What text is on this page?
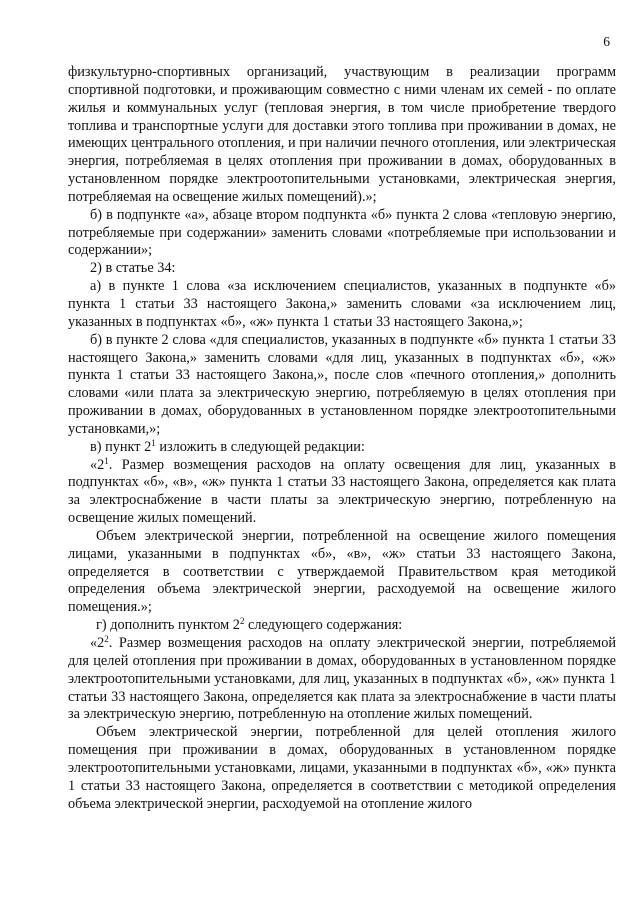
6

физкультурно-спортивных организаций, участвующим в реализации программ спортивной подготовки, и проживающим совместно с ними членам их семей - по оплате жилья и коммунальных услуг (тепловая энергия, в том числе приобретение твердого топлива и транспортные услуги для доставки этого топлива при проживании в домах, не имеющих центрального отопления, и при наличии печного отопления, или электрическая энергия, потребляемая в целях отопления при проживании в домах, оборудованных в установленном порядке электроотопительными установками, электрическая энергия, потребляемая на освещение жилых помещений).»;

б) в подпункте «а», абзаце втором подпункта «б» пункта 2 слова «тепловую энергию, потребляемые при содержании» заменить словами «потребляемые при использовании и содержании»;

2) в статье 34:

а) в пункте 1 слова «за исключением специалистов, указанных в подпункте «б» пункта 1 статьи 33 настоящего Закона,» заменить словами «за исключением лиц, указанных в подпунктах «б», «ж» пункта 1 статьи 33 настоящего Закона,»;

б) в пункте 2 слова «для специалистов, указанных в подпункте «б» пункта 1 статьи 33 настоящего Закона,» заменить словами «для лиц, указанных в подпунктах «б», «ж» пункта 1 статьи 33 настоящего Закона,», после слов «печного отопления,» дополнить словами «или плата за электрическую энергию, потребляемую в целях отопления при проживании в домах, оборудованных в установленном порядке электроотопительными установками,»;

в) пункт $2^1$ изложить в следующей редакции:

«$2^1$. Размер возмещения расходов на оплату освещения для лиц, указанных в подпунктах «б», «в», «ж» пункта 1 статьи 33 настоящего Закона, определяется как плата за электроснабжение в части платы за электрическую энергию, потребленную на освещение жилых помещений.

Объем электрической энергии, потребленной на освещение жилого помещения лицами, указанными в подпунктах «б», «в», «ж» статьи 33 настоящего Закона, определяется в соответствии с утверждаемой Правительством края методикой определения объема электрической энергии, расходуемой на освещение жилого помещения.»;

г) дополнить пунктом $2^2$ следующего содержания:

«$2^2$. Размер возмещения расходов на оплату электрической энергии, потребляемой для целей отопления при проживании в домах, оборудованных в установленном порядке электроотопительными установками, для лиц, указанных в подпунктах «б», «ж» пункта 1 статьи 33 настоящего Закона, определяется как плата за электроснабжение в части платы за электрическую энергию, потребленную на отопление жилых помещений.

Объем электрической энергии, потребленной для целей отопления жилого помещения при проживании в домах, оборудованных в установленном порядке электроотопительными установками, лицами, указанными в подпунктах «б», «ж» пункта 1 статьи 33 настоящего Закона, определяется в соответствии с методикой определения объема электрической энергии, расходуемой на отопление жилого
